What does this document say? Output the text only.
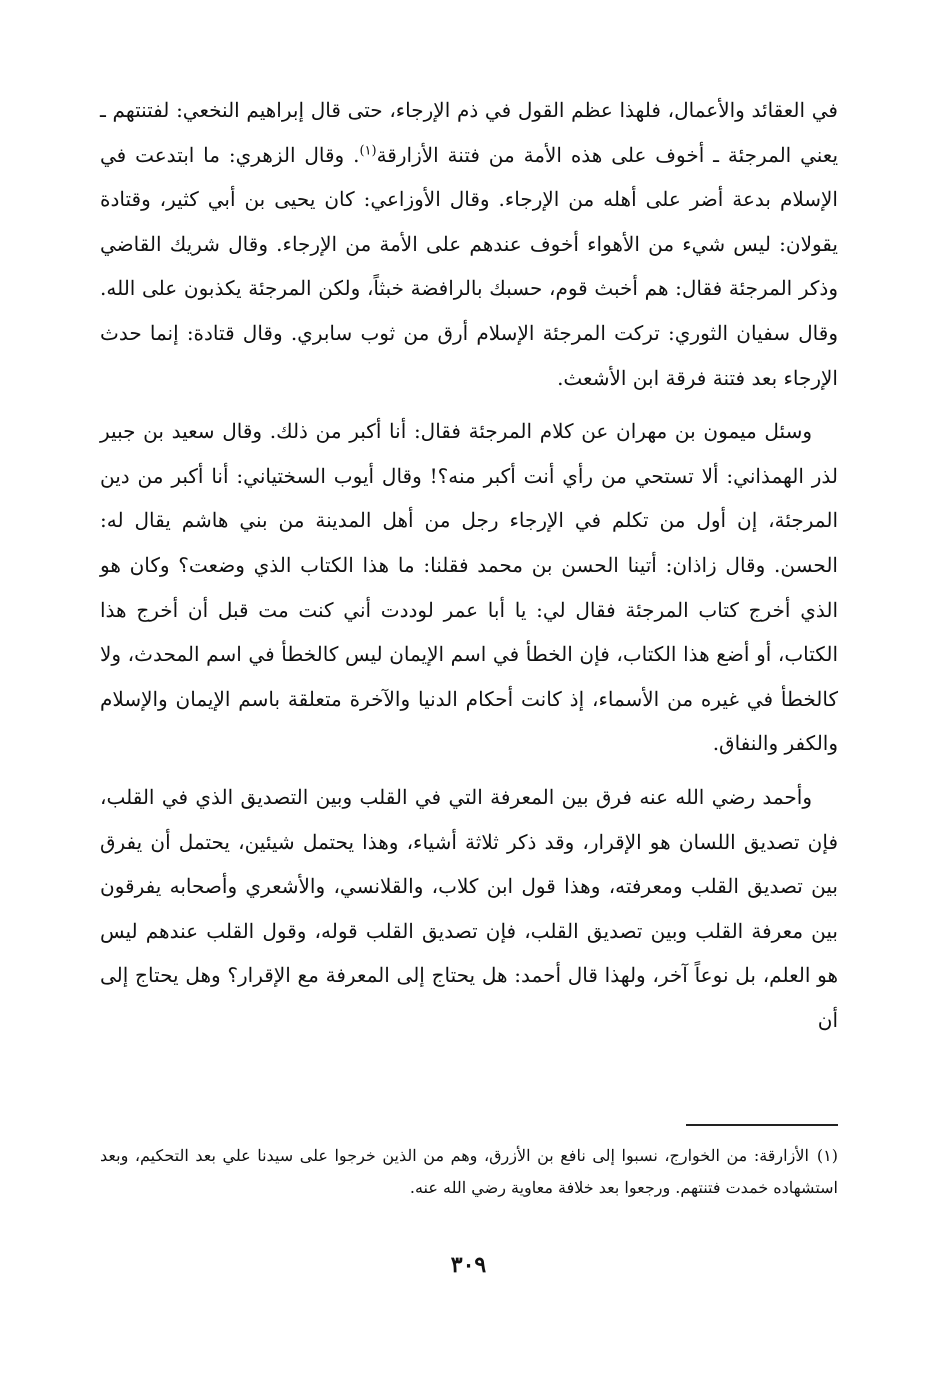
في العقائد والأعمال، فلهذا عظم القول في ذم الإرجاء، حتى قال إبراهيم النخعي: لفتنتهم ـ يعني المرجئة ـ أخوف على هذه الأمة من فتنة الأزارقة$^{(١)}$. وقال الزهري: ما ابتدعت في الإسلام بدعة أضر على أهله من الإرجاء. وقال الأوزاعي: كان يحيى بن أبي كثير، وقتادة يقولان: ليس شيء من الأهواء أخوف عندهم على الأمة من الإرجاء. وقال شريك القاضي وذكر المرجئة فقال: هم أخبث قوم، حسبك بالرافضة خبثاً، ولكن المرجئة يكذبون على الله. وقال سفيان الثوري: تركت المرجئة الإسلام أرق من ثوب سابري. وقال قتادة: إنما حدث الإرجاء بعد فتنة فرقة ابن الأشعث.

وسئل ميمون بن مهران عن كلام المرجئة فقال: أنا أكبر من ذلك. وقال سعيد بن جبير لذر الهمذاني: ألا تستحي من رأي أنت أكبر منه؟! وقال أيوب السختياني: أنا أكبر من دين المرجئة، إن أول من تكلم في الإرجاء رجل من أهل المدينة من بني هاشم يقال له: الحسن. وقال زاذان: أتينا الحسن بن محمد فقلنا: ما هذا الكتاب الذي وضعت؟ وكان هو الذي أخرج كتاب المرجئة فقال لي: يا أبا عمر لوددت أني كنت مت قبل أن أخرج هذا الكتاب، أو أضع هذا الكتاب، فإن الخطأ في اسم الإيمان ليس كالخطأ في اسم المحدث، ولا كالخطأ في غيره من الأسماء، إذ كانت أحكام الدنيا والآخرة متعلقة باسم الإيمان والإسلام والكفر والنفاق.

وأحمد رضي الله عنه فرق بين المعرفة التي في القلب وبين التصديق الذي في القلب، فإن تصديق اللسان هو الإقرار، وقد ذكر ثلاثة أشياء، وهذا يحتمل شيئين، يحتمل أن يفرق بين تصديق القلب ومعرفته، وهذا قول ابن كلاب، والقلانسي، والأشعري وأصحابه يفرقون بين معرفة القلب وبين تصديق القلب، فإن تصديق القلب قوله، وقول القلب عندهم ليس هو العلم، بل نوعاً آخر، ولهذا قال أحمد: هل يحتاج إلى المعرفة مع الإقرار؟ وهل يحتاج إلى أن

(١)الأزارقة: من الخوارج، نسبوا إلى نافع بن الأزرق، وهم من الذين خرجوا على سيدنا علي بعد التحكيم، وبعد استشهاده خمدت فتنتهم. ورجعوا بعد خلافة معاوية رضي الله عنه.
٣٠٩
